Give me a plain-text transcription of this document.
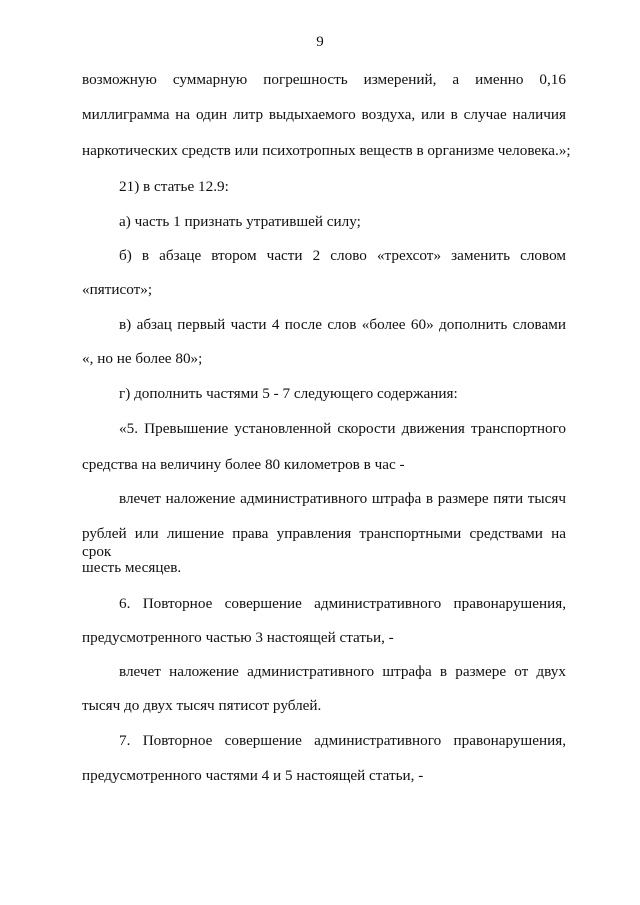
9
возможную суммарную погрешность измерений, а именно 0,16
миллиграмма на один литр выдыхаемого воздуха, или в случае наличия
наркотических средств или психотропных веществ в организме человека.»;
21) в статье 12.9:
а) часть 1 признать утратившей силу;
б) в абзаце втором части 2 слово «трехсот» заменить словом
«пятисот»;
в) абзац первый части 4 после слов «более 60» дополнить словами
«, но не более 80»;
г) дополнить частями 5 - 7 следующего содержания:
«5. Превышение установленной скорости движения транспортного
средства на величину более 80 километров в час -
влечет наложение административного штрафа в размере пяти тысяч
рублей или лишение права управления транспортными средствами на срок
шесть месяцев.
6. Повторное совершение административного правонарушения,
предусмотренного частью 3 настоящей статьи, -
влечет наложение административного штрафа в размере от двух
тысяч до двух тысяч пятисот рублей.
7. Повторное совершение административного правонарушения,
предусмотренного частями 4 и 5 настоящей статьи, -
